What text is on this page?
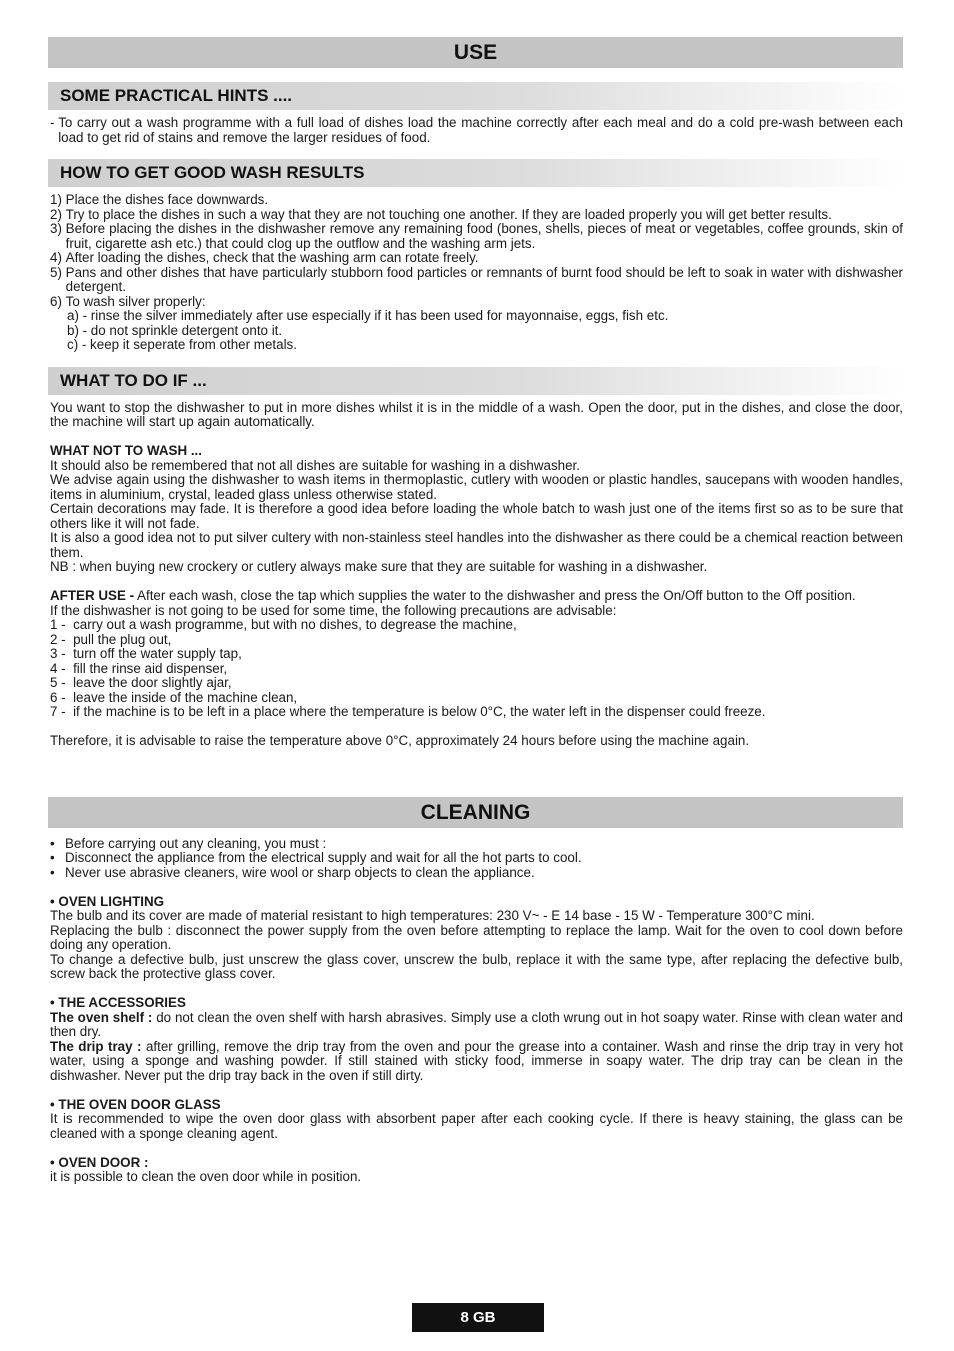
USE
SOME PRACTICAL HINTS ....
- To carry out a wash programme with a full load of dishes load the machine correctly after each meal and do a cold pre-wash between each load to get rid of stains and remove the larger residues of food.
HOW TO GET GOOD WASH RESULTS
1) Place the dishes face downwards.
2) Try to place the dishes in such a way that they are not touching one another. If they are loaded properly you will get better results.
3) Before placing the dishes in the dishwasher remove any remaining food (bones, shells, pieces of meat or vegetables, coffee grounds, skin of fruit, cigarette ash etc.) that could clog up the outflow and the washing arm jets.
4) After loading the dishes, check that the washing arm can rotate freely.
5) Pans and other dishes that have particularly stubborn food particles or remnants of burnt food should be left to soak in water with dishwasher detergent.
6) To wash silver properly:

a) - rinse the silver immediately after use especially if it has been used for mayonnaise, eggs, fish etc.

b) - do not sprinkle detergent onto it.

c) - keep it seperate from other metals.

WHAT TO DO IF ...

You want to stop the dishwasher to put in more dishes whilst it is in the middle of a wash. Open the door, put in the dishes, and close the door, the machine will start up again automatically.

WHAT NOT TO WASH ...

It should also be remembered that not all dishes are suitable for washing in a dishwasher.

We advise again using the dishwasher to wash items in thermoplastic, cutlery with wooden or plastic handles, saucepans with wooden handles, items in aluminium, crystal, leaded glass unless otherwise stated.

Certain decorations may fade. It is therefore a good idea before loading the whole batch to wash just one of the items first so as to be sure that others like it will not fade.

It is also a good idea not to put silver cultery with non-stainless steel handles into the dishwasher as there could be a chemical reaction between them.

NB : when buying new crockery or cutlery always make sure that they are suitable for washing in a dishwasher.

AFTER USE - After each wash, close the tap which supplies the water to the dishwasher and press the On/Off button to the Off position.

If the dishwasher is not going to be used for some time, the following precautions are advisable:

1 - carry out a wash programme, but with no dishes, to degrease the machine,
2 - pull the plug out,
3 - turn off the water supply tap,
4 - fill the rinse aid dispenser,
5 - leave the door slightly ajar,
6 - leave the inside of the machine clean,
7 - if the machine is to be left in a place where the temperature is below 0°C, the water left in the dispenser could freeze.

Therefore, it is advisable to raise the temperature above 0°C, approximately 24 hours before using the machine again.

CLEANING
• Before carrying out any cleaning, you must :
• Disconnect the appliance from the electrical supply and wait for all the hot parts to cool.
• Never use abrasive cleaners, wire wool or sharp objects to clean the appliance.

• OVEN LIGHTING

The bulb and its cover are made of material resistant to high temperatures: 230 V~ - E 14 base - 15 W - Temperature 300°C mini.

Replacing the bulb : disconnect the power supply from the oven before attempting to replace the lamp. Wait for the oven to cool down before doing any operation.

To change a defective bulb, just unscrew the glass cover, unscrew the bulb, replace it with the same type, after replacing the defective bulb, screw back the protective glass cover.

• THE ACCESSORIES

The oven shelf : do not clean the oven shelf with harsh abrasives. Simply use a cloth wrung out in hot soapy water. Rinse with clean water and then dry.

The drip tray : after grilling, remove the drip tray from the oven and pour the grease into a container. Wash and rinse the drip tray in very hot water, using a sponge and washing powder. If still stained with sticky food, immerse in soapy water. The drip tray can be clean in the dishwasher. Never put the drip tray back in the oven if still dirty.

• THE OVEN DOOR GLASS

It is recommended to wipe the oven door glass with absorbent paper after each cooking cycle. If there is heavy staining, the glass can be cleaned with a sponge cleaning agent.

• OVEN DOOR :

it is possible to clean the oven door while in position.

8 GB
